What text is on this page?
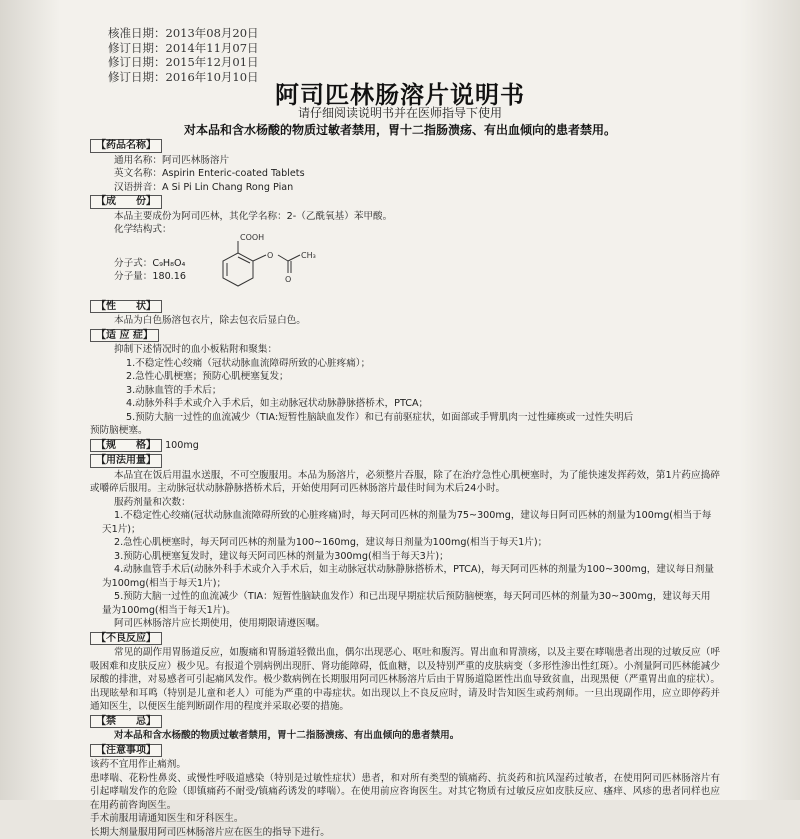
核准日期：2013年08月20日
修订日期：2014年11月07日
修订日期：2015年12月01日
修订日期：2016年10月10日
阿司匹林肠溶片说明书
请仔细阅读说明书并在医师指导下使用
对本品和含水杨酸的物质过敏者禁用，胃十二指肠溃疡、有出血倾向的患者禁用。
【药品名称】
通用名称：阿司匹林肠溶片
英文名称：Aspirin Enteric-coated Tablets
汉语拼音：A Si Pi Lin Chang Rong Pian
【成　　份】
本品主要成份为阿司匹林，其化学名称：2-（乙酰氧基）苯甲酸。
化学结构式：
分子式：C₉H₈O₄
分子量：180.16
COOH
O
O
CH₃
【性　　状】
本品为白色肠溶包衣片，除去包衣后显白色。
【适 应 症】
抑制下述情况时的血小板粘附和聚集：
1.不稳定性心绞痛（冠状动脉血流障碍所致的心脏疼痛）；
2.急性心肌梗塞；预防心肌梗塞复发；
3.动脉血管的手术后；
4.动脉外科手术或介入手术后，如主动脉冠状动脉静脉搭桥术，PTCA；
5.预防大脑一过性的血流减少（TIA:短暂性脑缺血发作）和已有前驱症状，如面部或手臂肌肉一过性瘫痪或一过性失明后
预防脑梗塞。
【规　　格】 100mg
【用法用量】
本品宜在饭后用温水送服，不可空腹服用。本品为肠溶片，必须整片吞服，除了在治疗急性心肌梗塞时，为了能快速发挥药效，第1片药应捣碎或嚼碎后服用。主动脉冠状动脉静脉搭桥术后，开始使用阿司匹林肠溶片最佳时间为术后24小时。
服药剂量和次数：
1.不稳定性心绞痛(冠状动脉血流障碍所致的心脏疼痛)时，每天阿司匹林的剂量为75~300mg，建议每日阿司匹林的剂量为100mg(相当于每天1片)；
2.急性心肌梗塞时，每天阿司匹林的剂量为100~160mg，建议每日剂量为100mg(相当于每天1片)；
3.预防心肌梗塞复发时，建议每天阿司匹林的剂量为300mg(相当于每天3片)；
4.动脉血管手术后(动脉外科手术或介入手术后，如主动脉冠状动脉静脉搭桥术，PTCA)，每天阿司匹林的剂量为100~300mg，建议每日剂量为100mg(相当于每天1片)；
5.预防大脑一过性的血流减少（TIA：短暂性脑缺血发作）和已出现早期症状后预防脑梗塞，每天阿司匹林的剂量为30~300mg，建议每天用量为100mg(相当于每天1片)。
阿司匹林肠溶片应长期使用，使用期限请遵医嘱。
【不良反应】
常见的副作用胃肠道反应，如腹痛和胃肠道轻微出血，偶尔出现恶心、呕吐和腹泻。胃出血和胃溃疡，以及主要在哮喘患者出现的过敏反应（呼吸困难和皮肤反应）极少见。有报道个别病例出现肝、肾功能障碍，低血糖，以及特别严重的皮肤病变（多形性渗出性红斑）。小剂量阿司匹林能减少尿酸的排泄，对易感者可引起痛风发作。极少数病例在长期服用阿司匹林肠溶片后由于胃肠道隐匿性出血导致贫血，出现黑便（严重胃出血的症状）。出现眩晕和耳鸣（特别是儿童和老人）可能为严重的中毒症状。如出现以上不良反应时，请及时告知医生或药剂师。一旦出现副作用，应立即停药并通知医生，以便医生能判断副作用的程度并采取必要的措施。
【禁　　忌】
对本品和含水杨酸的物质过敏者禁用，胃十二指肠溃疡、有出血倾向的患者禁用。
【注意事项】
该药不宜用作止痛剂。
患哮喘、花粉性鼻炎、或慢性呼吸道感染（特别是过敏性症状）患者，和对所有类型的镇痛药、抗炎药和抗风湿药过敏者，在使用阿司匹林肠溶片有引起哮喘发作的危险（即镇痛药不耐受/镇痛药诱发的哮喘）。在使用前应咨询医生。对其它物质有过敏反应如皮肤反应、瘙痒、风疹的患者同样也应在用药前咨询医生。
手术前服用请通知医生和牙科医生。
长期大剂量服用阿司匹林肠溶片应在医生的指导下进行。
